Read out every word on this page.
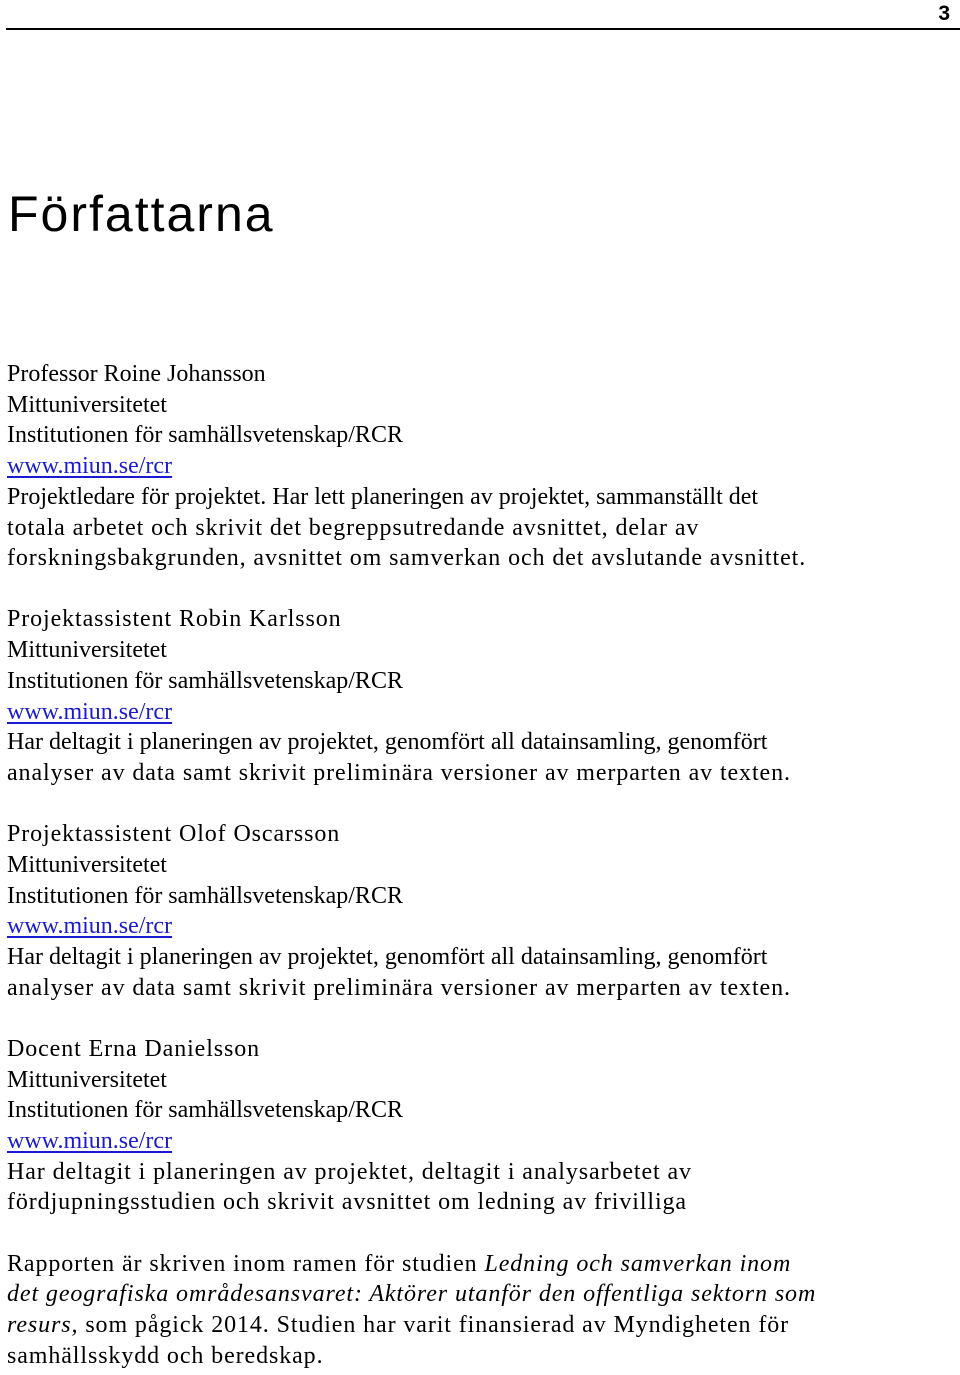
3
Författarna
Professor Roine Johansson
Mittuniversitetet
Institutionen för samhällsvetenskap/RCR
www.miun.se/rcr
Projektledare för projektet. Har lett planeringen av projektet, sammanställt det
totala arbetet och skrivit det begreppsutredande avsnittet, delar av
forskningsbakgrunden, avsnittet om samverkan och det avslutande avsnittet.
Projektassistent Robin Karlsson
Mittuniversitetet
Institutionen för samhällsvetenskap/RCR
www.miun.se/rcr
Har deltagit i planeringen av projektet, genomfört all datainsamling, genomfört
analyser av data samt skrivit preliminära versioner av merparten av texten.
Projektassistent Olof Oscarsson
Mittuniversitetet
Institutionen för samhällsvetenskap/RCR
www.miun.se/rcr
Har deltagit i planeringen av projektet, genomfört all datainsamling, genomfört
analyser av data samt skrivit preliminära versioner av merparten av texten.
Docent Erna Danielsson
Mittuniversitetet
Institutionen för samhällsvetenskap/RCR
www.miun.se/rcr
Har deltagit i planeringen av projektet, deltagit i analysarbetet av
fördjupningsstudien och skrivit avsnittet om ledning av frivilliga
Rapporten är skriven inom ramen för studien Ledning och samverkan inom
det geografiska områdesansvaret: Aktörer utanför den offentliga sektorn som
resurs, som pågick 2014. Studien har varit finansierad av Myndigheten för
samhällsskydd och beredskap.
